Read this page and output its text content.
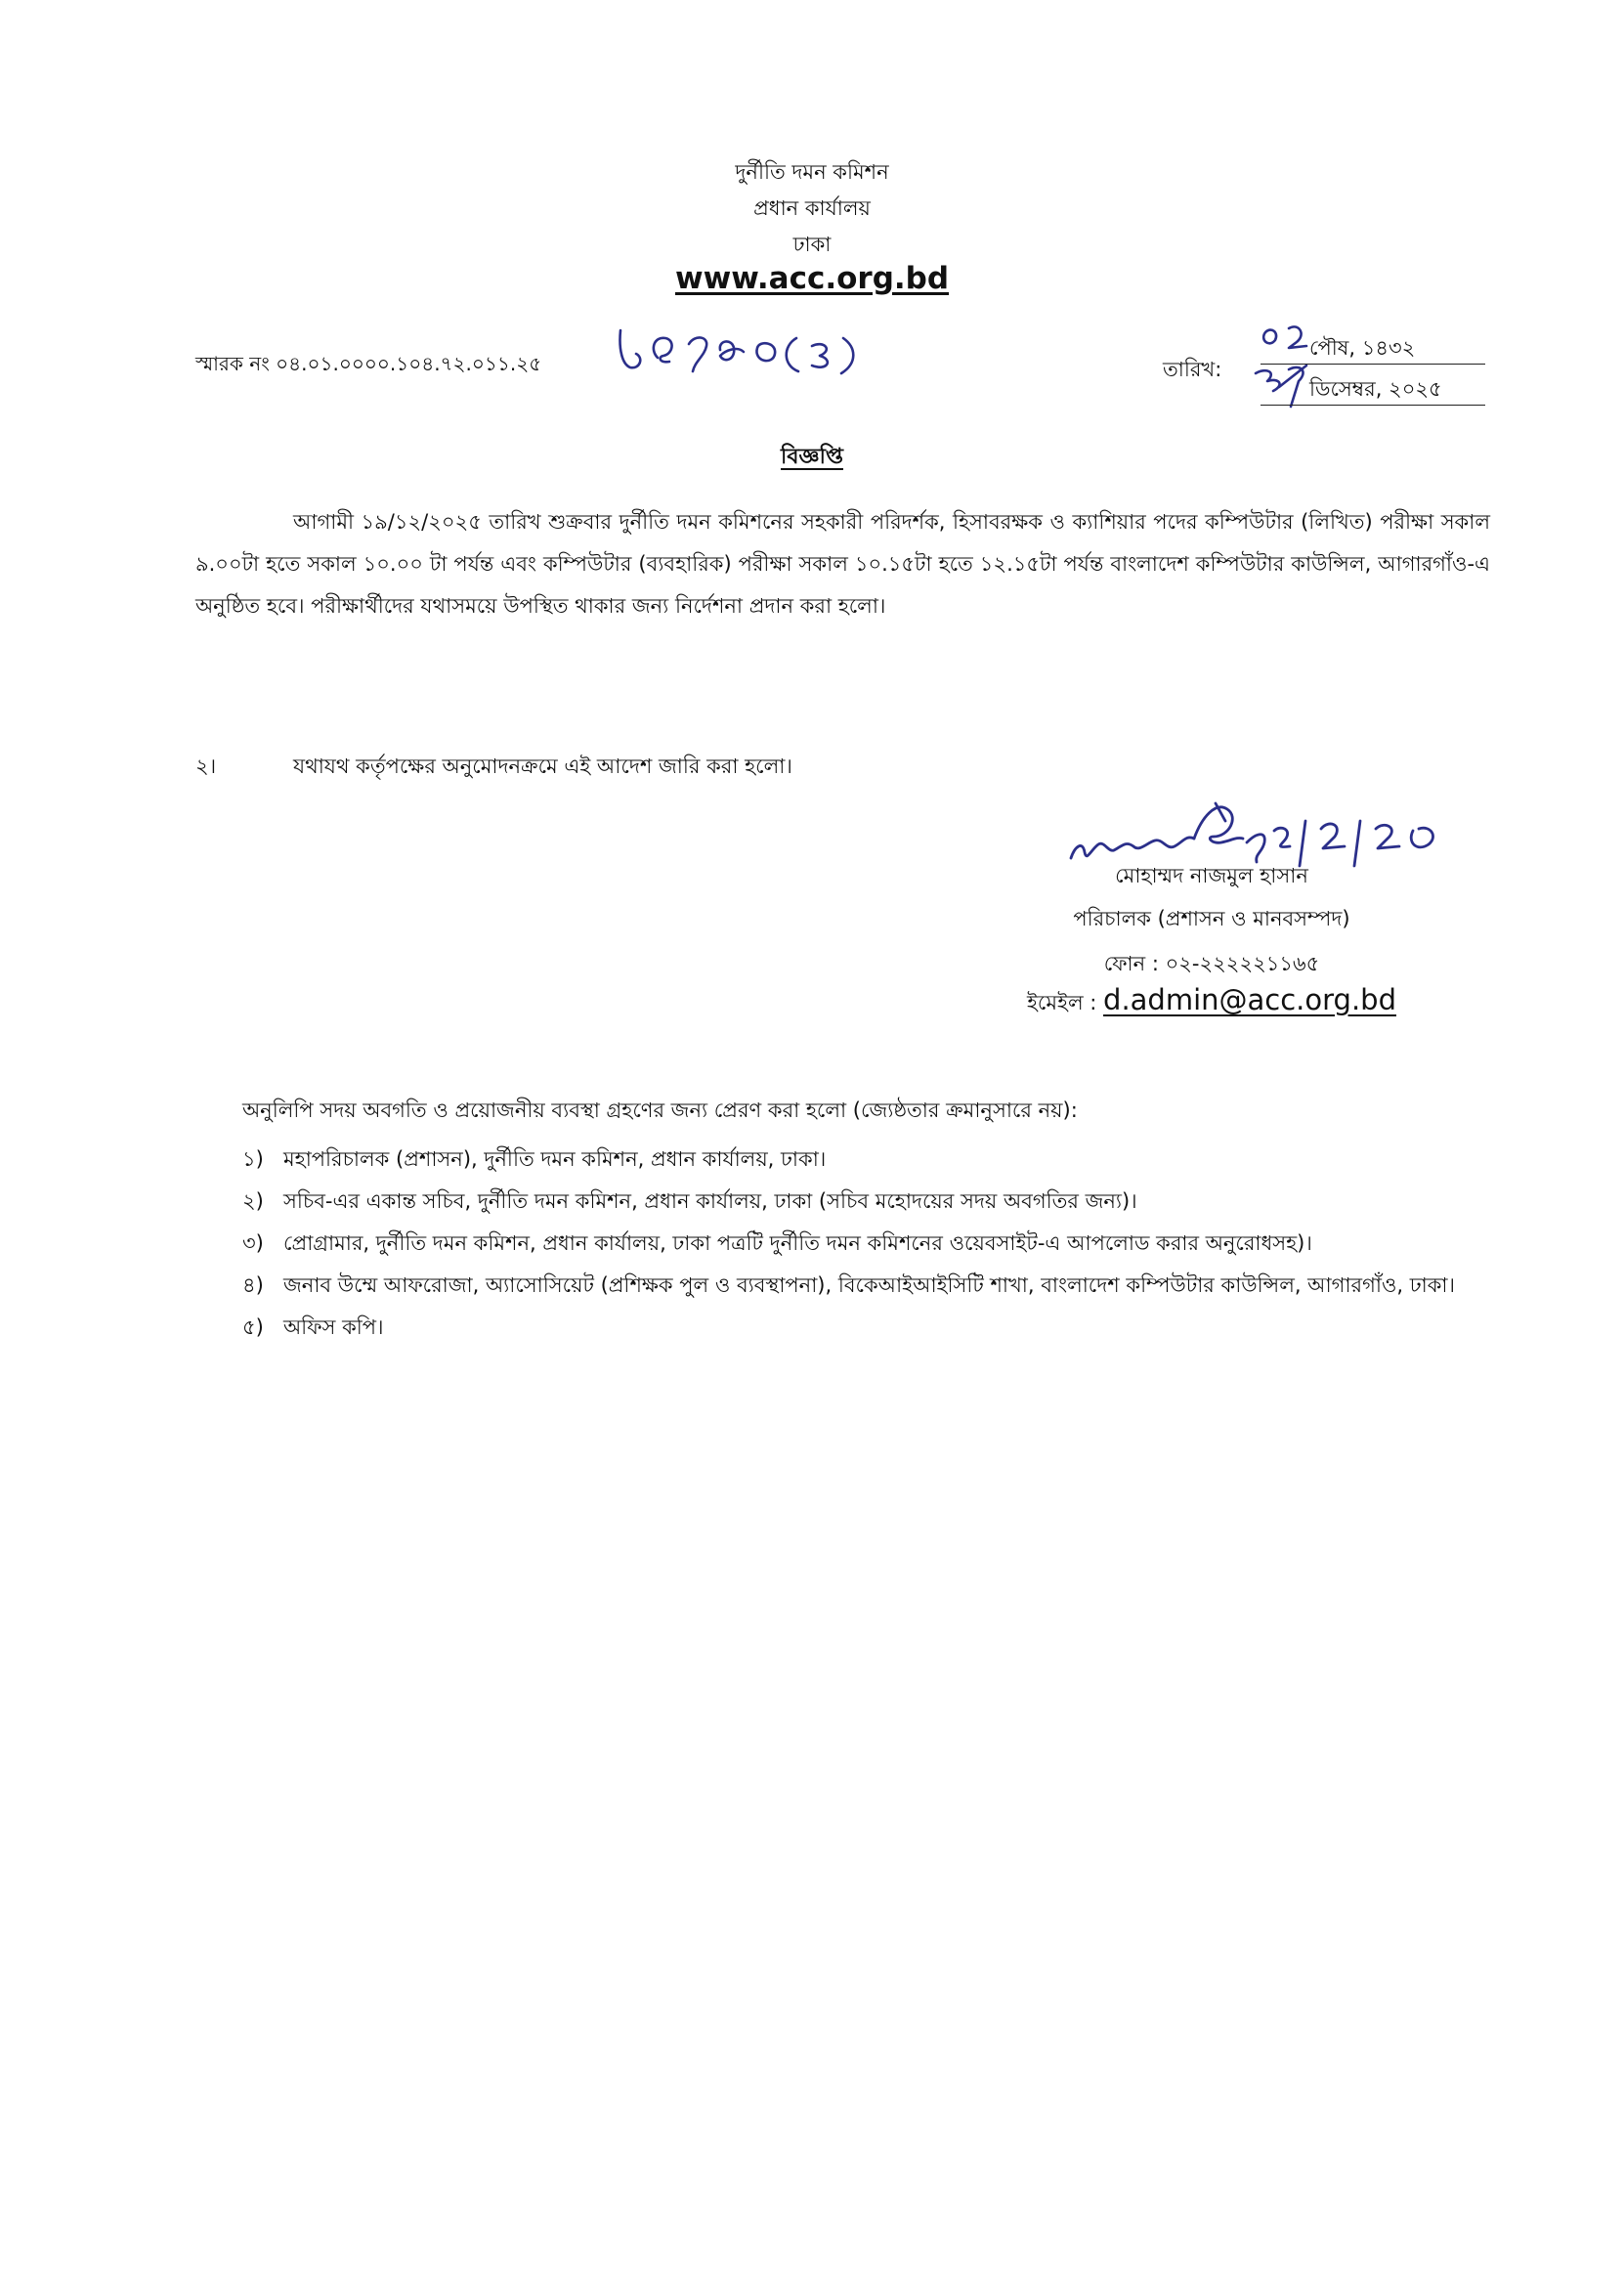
দুর্নীতি দমন কমিশন
প্রধান কার্যালয়
ঢাকা
www.acc.org.bd
স্মারক নং ০৪.০১.০০০০.১০৪.৭২.০১১.২৫	তারিখ:
পৌষ, ১৪৩২
ডিসেম্বর, ২০২৫
বিজ্ঞপ্তি
আগামী ১৯/১২/২০২৫ তারিখ শুক্রবার দুর্নীতি দমন কমিশনের সহকারী পরিদর্শক, হিসাবরক্ষক ও ক্যাশিয়ার পদের কম্পিউটার (লিখিত) পরীক্ষা সকাল ৯.০০টা হতে সকাল ১০.০০ টা পর্যন্ত এবং কম্পিউটার (ব্যবহারিক) পরীক্ষা সকাল ১০.১৫টা হতে ১২.১৫টা পর্যন্ত বাংলাদেশ কম্পিউটার কাউন্সিল, আগারগাঁও-এ অনুষ্ঠিত হবে। পরীক্ষার্থীদের যথাসময়ে উপস্থিত থাকার জন্য নির্দেশনা প্রদান করা হলো।
২।	যথাযথ কর্তৃপক্ষের অনুমোদনক্রমে এই আদেশ জারি করা হলো।
মোহাম্মদ নাজমুল হাসান
পরিচালক (প্রশাসন ও মানবসম্পদ)
ফোন : ০২-২২২২২১১৬৫
ইমেইল : d.admin@acc.org.bd
অনুলিপি সদয় অবগতি ও প্রয়োজনীয় ব্যবস্থা গ্রহণের জন্য প্রেরণ করা হলো (জ্যেষ্ঠতার ক্রমানুসারে নয়):
১) মহাপরিচালক (প্রশাসন), দুর্নীতি দমন কমিশন, প্রধান কার্যালয়, ঢাকা।
২) সচিব-এর একান্ত সচিব, দুর্নীতি দমন কমিশন, প্রধান কার্যালয়, ঢাকা (সচিব মহোদয়ের সদয় অবগতির জন্য)।
৩) প্রোগ্রামার, দুর্নীতি দমন কমিশন, প্রধান কার্যালয়, ঢাকা পত্রটি দুর্নীতি দমন কমিশনের ওয়েবসাইট-এ আপলোড করার অনুরোধসহ)।
৪) জনাব উম্মে আফরোজা, অ্যাসোসিয়েট (প্রশিক্ষক পুল ও ব্যবস্থাপনা), বিকেআইআইসিটি শাখা, বাংলাদেশ কম্পিউটার কাউন্সিল, আগারগাঁও, ঢাকা।
৫) অফিস কপি।
